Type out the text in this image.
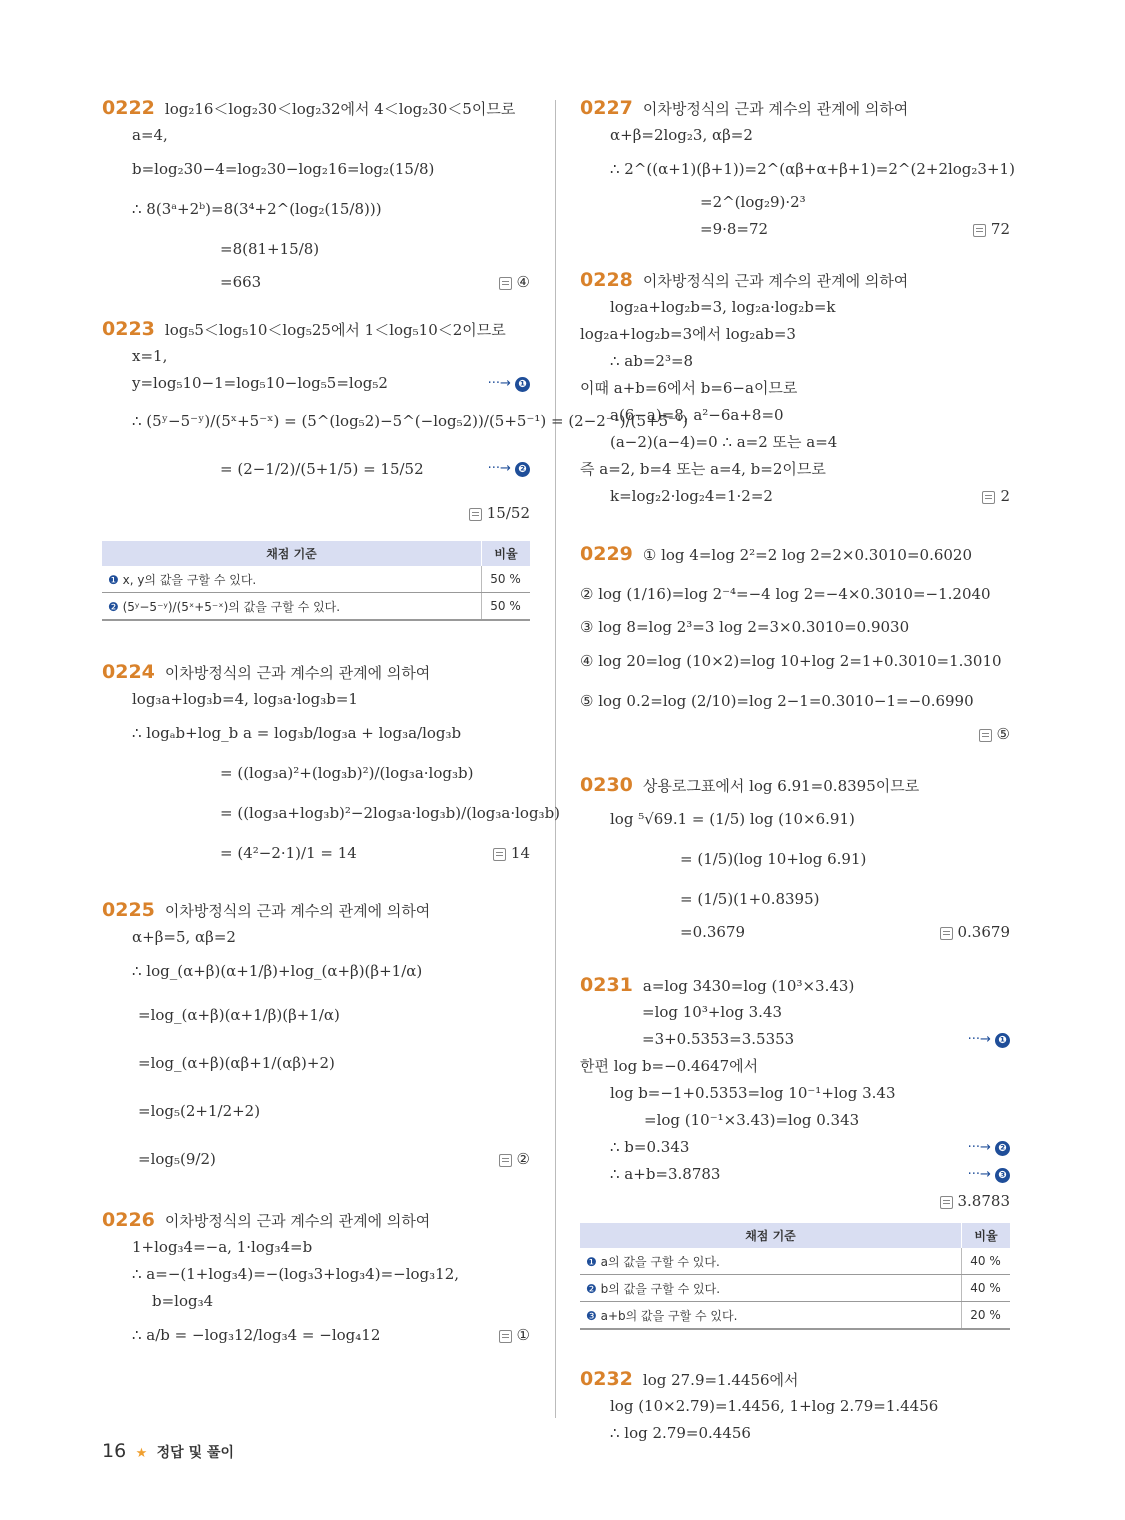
0222 log₂16＜log₂30＜log₂32에서 4＜log₂30＜5이므로
a=4,
b=log₂30−4=log₂30−log₂16=log₂(15/8)
∴ 8(3ᵃ+2ᵇ)=8(3⁴+2^(log₂(15/8)))
=8(81+15/8)
=663	④
0223 log₅5＜log₅10＜log₅25에서 1＜log₅10＜2이므로
x=1,
y=log₅10−1=log₅10−log₅5=log₅2	···→ ❶
∴ (5ʸ−5⁻ʸ)/(5ˣ+5⁻ˣ) = (5^(log₅2)−5^(−log₅2))/(5+5⁻¹) = (2−2⁻¹)/(5+5⁻¹)
= (2−1/2)/(5+1/5) = 15/52	···→ ❷
15/52
채점 기준	비율
❶ x, y의 값을 구할 수 있다.	50 %
❷ (5ʸ−5⁻ʸ)/(5ˣ+5⁻ˣ)의 값을 구할 수 있다.	50 %
0224 이차방정식의 근과 계수의 관계에 의하여
log₃a+log₃b=4, log₃a·log₃b=1
∴ logₐb+log_b a = log₃b/log₃a + log₃a/log₃b
= ((log₃a)²+(log₃b)²)/(log₃a·log₃b)
= ((log₃a+log₃b)²−2log₃a·log₃b)/(log₃a·log₃b)
= (4²−2·1)/1 = 14	14
0225 이차방정식의 근과 계수의 관계에 의하여
α+β=5, αβ=2
∴ log_(α+β)(α+1/β)+log_(α+β)(β+1/α)
=log_(α+β)(α+1/β)(β+1/α)
=log_(α+β)(αβ+1/(αβ)+2)
=log₅(2+1/2+2)
=log₅(9/2)	②
0226 이차방정식의 근과 계수의 관계에 의하여
1+log₃4=−a, 1·log₃4=b
∴ a=−(1+log₃4)=−(log₃3+log₃4)=−log₃12,
b=log₃4
∴ a/b = −log₃12/log₃4 = −log₄12	①
0227 이차방정식의 근과 계수의 관계에 의하여
α+β=2log₂3, αβ=2
∴ 2^((α+1)(β+1))=2^(αβ+α+β+1)=2^(2+2log₂3+1)
=2^(log₂9)·2³
=9·8=72	72
0228 이차방정식의 근과 계수의 관계에 의하여
log₂a+log₂b=3, log₂a·log₂b=k
log₂a+log₂b=3에서 log₂ab=3
∴ ab=2³=8
이때 a+b=6에서 b=6−a이므로
a(6−a)=8, a²−6a+8=0
(a−2)(a−4)=0 ∴ a=2 또는 a=4
즉 a=2, b=4 또는 a=4, b=2이므로
k=log₂2·log₂4=1·2=2	2
0229 ① log 4=log 2²=2 log 2=2×0.3010=0.6020
② log (1/16)=log 2⁻⁴=−4 log 2=−4×0.3010=−1.2040
③ log 8=log 2³=3 log 2=3×0.3010=0.9030
④ log 20=log (10×2)=log 10+log 2=1+0.3010=1.3010
⑤ log 0.2=log (2/10)=log 2−1=0.3010−1=−0.6990
⑤
0230 상용로그표에서 log 6.91=0.8395이므로
log ⁵√69.1 = (1/5) log (10×6.91)
= (1/5)(log 10+log 6.91)
= (1/5)(1+0.8395)
=0.3679	0.3679
0231 a=log 3430=log (10³×3.43)
=log 10³+log 3.43
=3+0.5353=3.5353	···→ ❶
한편 log b=−0.4647에서
log b=−1+0.5353=log 10⁻¹+log 3.43
=log (10⁻¹×3.43)=log 0.343
∴ b=0.343	···→ ❷
∴ a+b=3.8783	···→ ❸
3.8783
채점 기준	비율
❶ a의 값을 구할 수 있다.	40 %
❷ b의 값을 구할 수 있다.	40 %
❸ a+b의 값을 구할 수 있다.	20 %
0232 log 27.9=1.4456에서
log (10×2.79)=1.4456, 1+log 2.79=1.4456
∴ log 2.79=0.4456
16 ★ 정답 및 풀이
